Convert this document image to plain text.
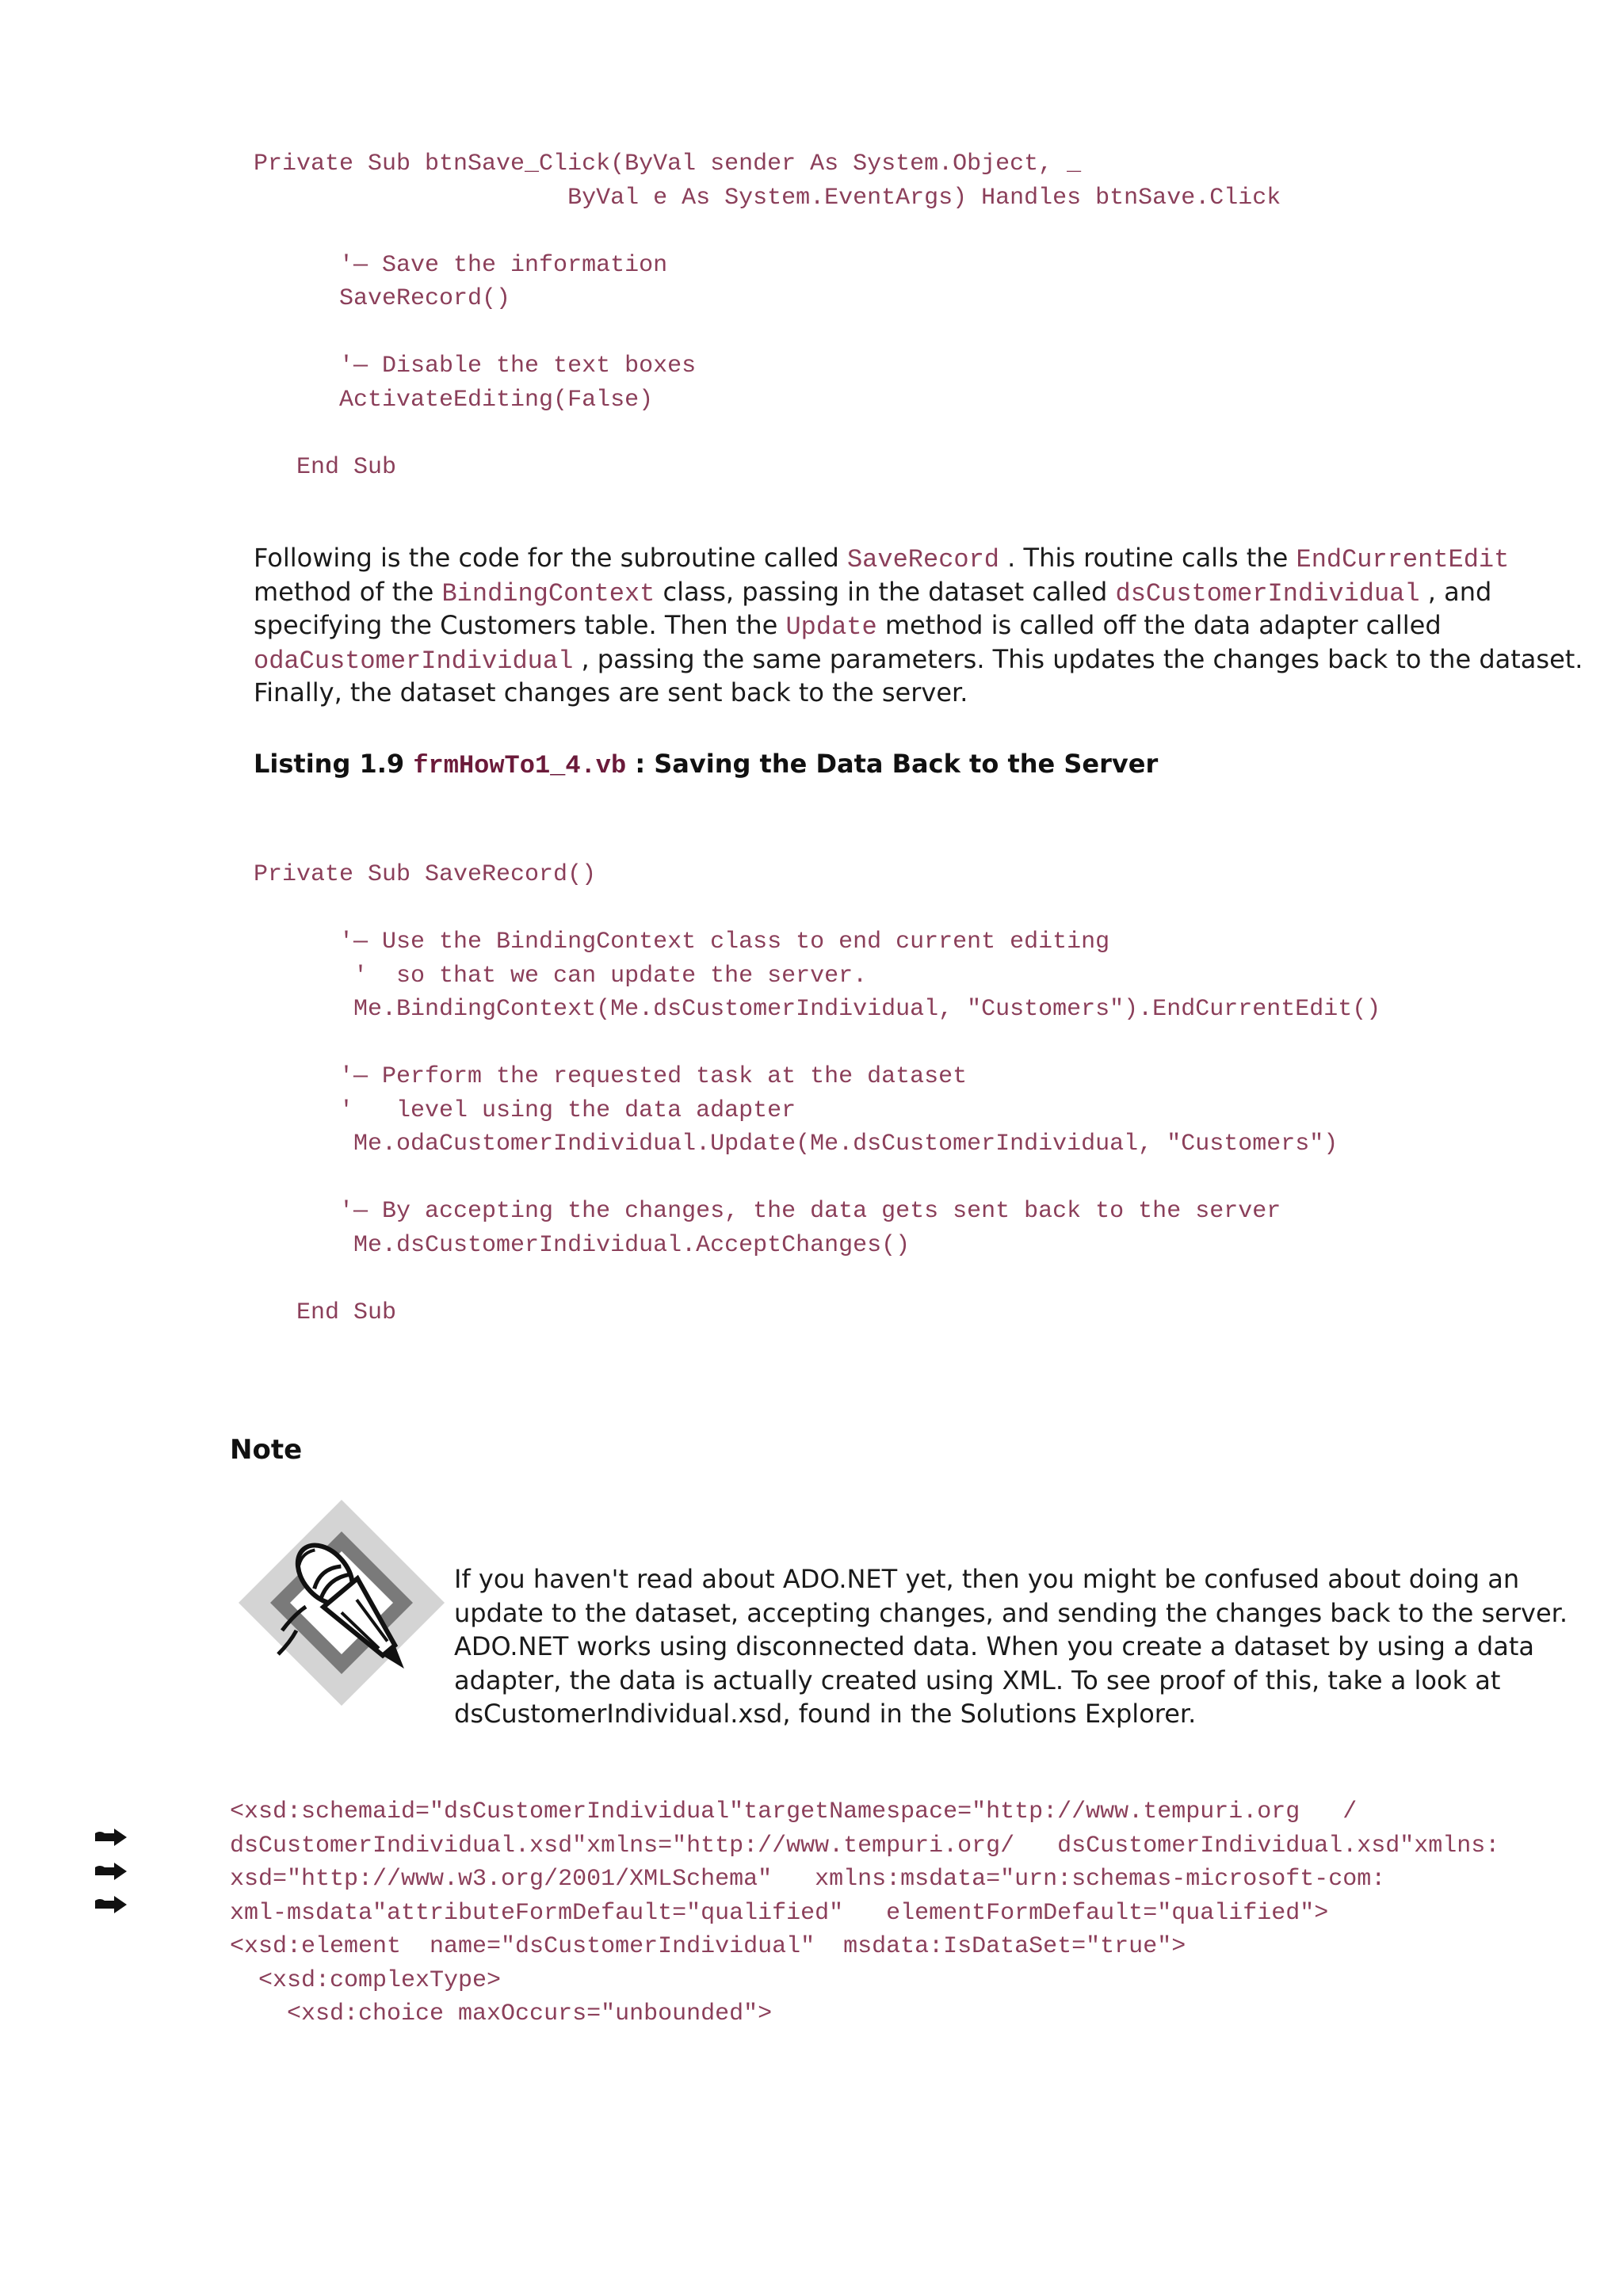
Private Sub btnSave_Click(ByVal sender As System.Object, _
ByVal e As System.EventArgs) Handles btnSave.Click
'— Save the information
SaveRecord()
'— Disable the text boxes
ActivateEditing(False)
End Sub
Following is the code for the subroutine called SaveRecord . This routine calls the EndCurrentEdit
method of the BindingContext class, passing in the dataset called dsCustomerIndividual , and
specifying the Customers table. Then the Update method is called off the data adapter called
odaCustomerIndividual , passing the same parameters. This updates the changes back to the dataset.
Finally, the dataset changes are sent back to the server.
Listing 1.9 frmHowTo1_4.vb : Saving the Data Back to the Server
Private Sub SaveRecord()
'— Use the BindingContext class to end current editing
'  so that we can update the server.
Me.BindingContext(Me.dsCustomerIndividual, "Customers").EndCurrentEdit()
'— Perform the requested task at the dataset
'   level using the data adapter
Me.odaCustomerIndividual.Update(Me.dsCustomerIndividual, "Customers")
'— By accepting the changes, the data gets sent back to the server
Me.dsCustomerIndividual.AcceptChanges()
End Sub
Note
If you haven't read about ADO.NET yet, then you might be confused about doing an
update to the dataset, accepting changes, and sending the changes back to the server.
ADO.NET works using disconnected data. When you create a dataset by using a data
adapter, the data is actually created using XML. To see proof of this, take a look at
dsCustomerIndividual.xsd, found in the Solutions Explorer.
<xsd:schemaid="dsCustomerIndividual"targetNamespace="http://www.tempuri.org   /
dsCustomerIndividual.xsd"xmlns="http://www.tempuri.org/   dsCustomerIndividual.xsd"xmlns:
xsd="http://www.w3.org/2001/XMLSchema"   xmlns:msdata="urn:schemas-microsoft-com:
xml-msdata"attributeFormDefault="qualified"   elementFormDefault="qualified">
<xsd:element  name="dsCustomerIndividual"  msdata:IsDataSet="true">
<xsd:complexType>
<xsd:choice maxOccurs="unbounded">
